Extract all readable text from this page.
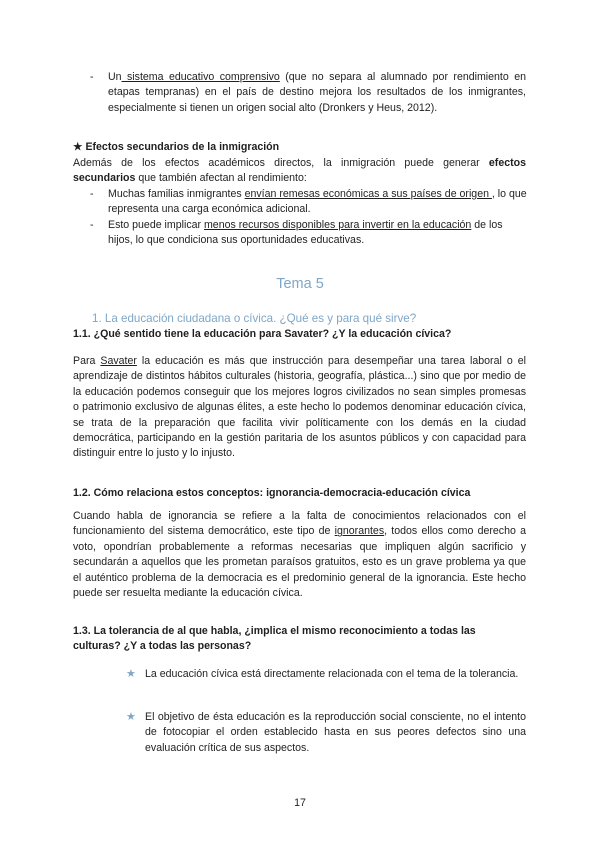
-	Un sistema educativo comprensivo (que no separa al alumnado por rendimiento en etapas tempranas) en el país de destino mejora los resultados de los inmigrantes, especialmente si tienen un origen social alto (Dronkers y Heus, 2012).
★ Efectos secundarios de la inmigración
Además de los efectos académicos directos, la inmigración puede generar efectos secundarios que también afectan al rendimiento:
-	Muchas familias inmigrantes envían remesas económicas a sus países de origen , lo que representa una carga económica adicional.
-	Esto puede implicar menos recursos disponibles para invertir en la educación de los hijos, lo que condiciona sus oportunidades educativas.
Tema 5
1. La educación ciudadana o cívica. ¿Qué es y para qué sirve?
1.1. ¿Qué sentido tiene la educación para Savater? ¿Y la educación cívica?
Para Savater la educación es más que instrucción para desempeñar una tarea laboral o el aprendizaje de distintos hábitos culturales (historia, geografía, plástica...) sino que por medio de la educación podemos conseguir que los mejores logros civilizados no sean simples promesas o patrimonio exclusivo de algunas élites, a este hecho lo podemos denominar educación cívica, se trata de la preparación que facilita vivir políticamente con los demás en la ciudad democrática, participando en la gestión paritaria de los asuntos públicos y con capacidad para distinguir entre lo justo y lo injusto.
1.2. Cómo relaciona estos conceptos: ignorancia-democracia-educación cívica
Cuando habla de ignorancia se refiere a la falta de conocimientos relacionados con el funcionamiento del sistema democrático, este tipo de ignorantes, todos ellos como derecho a voto, opondrían probablemente a reformas necesarias que impliquen algún sacrificio y secundarán a aquellos que les prometan paraísos gratuitos, esto es un grave problema ya que el auténtico problema de la democracia es el predominio general de la ignorancia. Este hecho puede ser resuelta mediante la educación cívica.
1.3. La tolerancia de al que habla, ¿implica el mismo reconocimiento a todas las
culturas? ¿Y a todas las personas?
★ La educación cívica está directamente relacionada con el tema de la tolerancia.
★ El objetivo de ésta educación es la reproducción social consciente, no el intento de fotocopiar el orden establecido hasta en sus peores defectos sino una evaluación crítica de sus aspectos.
17
